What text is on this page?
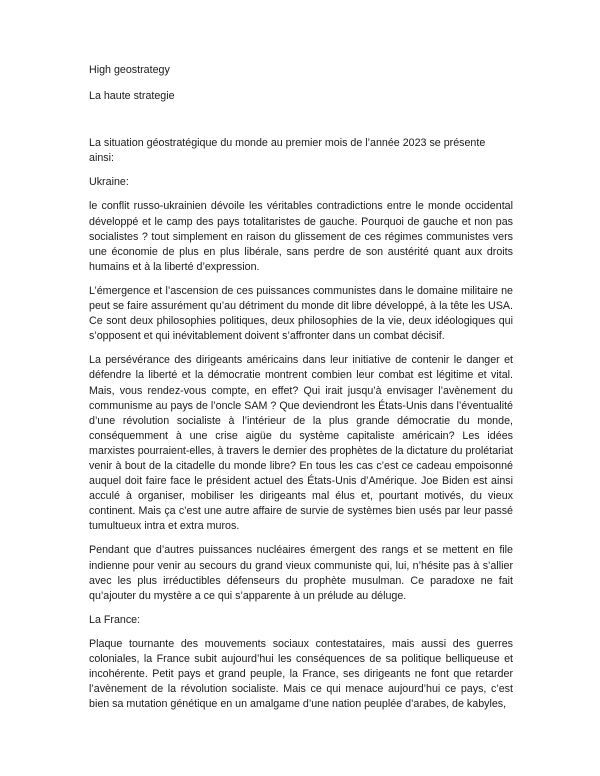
High geostrategy

La haute strategie

La situation géostratégique du monde au premier mois de l’année 2023 se présente ainsi:

Ukraine:

le conflit russo-ukrainien dévoile les véritables contradictions entre le monde occidental développé et le camp des pays totalitaristes de gauche. Pourquoi de gauche et non pas socialistes ? tout simplement en raison du glissement de ces régimes communistes vers une économie de plus en plus libérale, sans perdre de son austérité quant aux droits humains et à la liberté d’expression.

L’émergence et l’ascension de ces puissances communistes dans le domaine militaire ne peut se faire assurément qu’au détriment du monde dit libre développé, à la tête les USA. Ce sont deux philosophies politiques, deux philosophies de la vie, deux idéologiques qui s’opposent et qui inévitablement doivent s’affronter dans un combat décisif.

La persévérance des dirigeants américains dans leur initiative de contenir le danger et défendre la liberté et la démocratie montrent combien leur combat est légitime et vital. Mais, vous rendez-vous compte, en effet? Qui irait jusqu’à envisager l’avènement du communisme au pays de l’oncle SAM ? Que deviendront les États-Unis dans l’éventualité d’une révolution socialiste à l’intérieur de la plus grande démocratie du monde, conséquemment à une crise aigüe du système capitaliste américain? Les idées marxistes pourraient-elles, à travers le dernier des prophètes de la dictature du prolétariat venir à bout de la citadelle du monde libre? En tous les cas c’est ce cadeau empoisonné auquel doit faire face le président actuel des États-Unis d’Amérique. Joe Biden est ainsi acculé à organiser, mobiliser les dirigeants mal élus et, pourtant motivés, du vieux continent. Mais ça c’est une autre affaire de survie de systèmes bien usés par leur passé tumultueux intra et extra muros.

Pendant que d’autres puissances nucléaires émergent des rangs et se mettent en file indienne pour venir au secours du grand vieux communiste qui, lui, n’hésite pas à s’allier avec les plus irréductibles défenseurs du prophète musulman. Ce paradoxe ne fait qu’ajouter du mystère a ce qui s’apparente à un prélude au déluge.

La France:

Plaque tournante des mouvements sociaux contestataires, mais aussi des guerres coloniales, la France subit aujourd’hui les conséquences de sa politique belliqueuse et incohérente. Petit pays et grand peuple, la France, ses dirigeants ne font que retarder l’avènement de la révolution socialiste. Mais ce qui menace aujourd’hui ce pays, c’est bien sa mutation génétique en un amalgame d’une nation peuplée d’arabes, de kabyles,
